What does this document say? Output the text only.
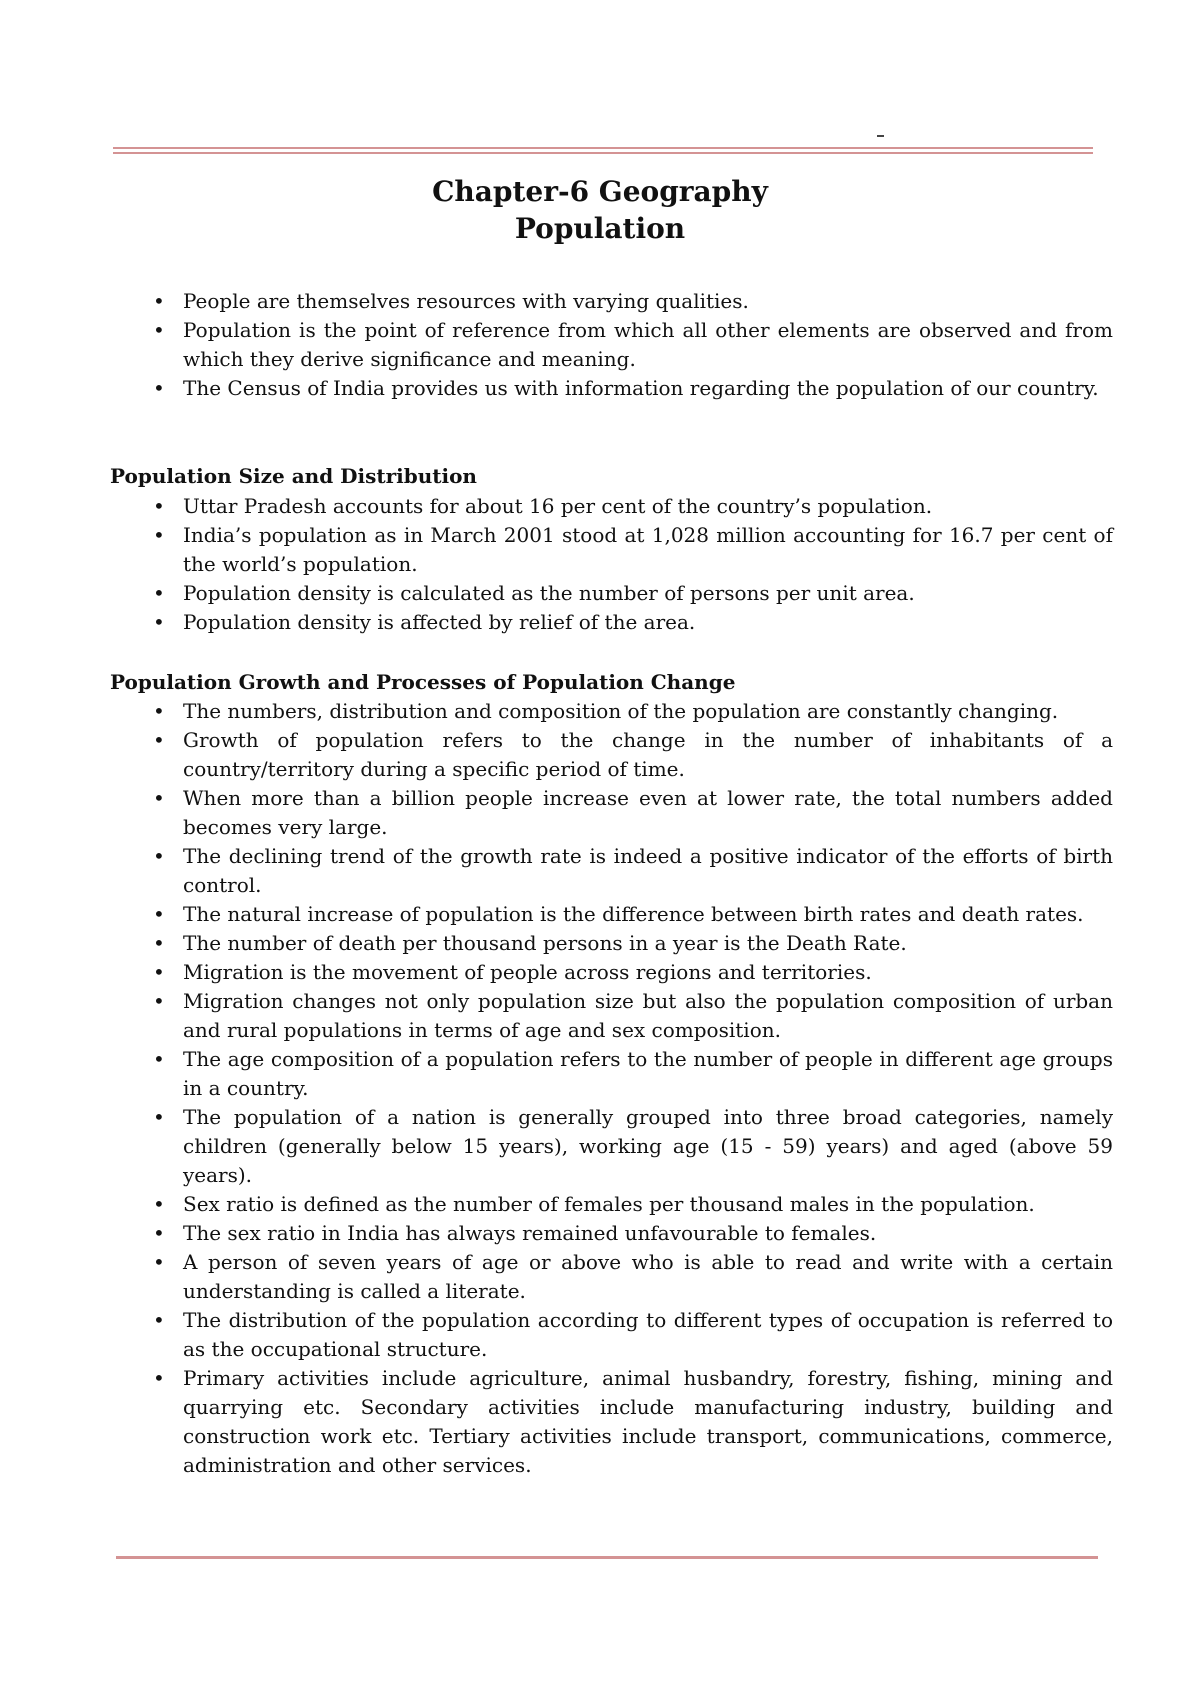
Chapter-6 Geography
Population
• People are themselves resources with varying qualities.
• Population is the point of reference from which all other elements are observed and from which they derive significance and meaning.
• The Census of India provides us with information regarding the population of our country.
Population Size and Distribution
• Uttar Pradesh accounts for about 16 per cent of the country’s population.
• India’s population as in March 2001 stood at 1,028 million accounting for 16.7 per cent of the world’s population.
• Population density is calculated as the number of persons per unit area.
• Population density is affected by relief of the area.
Population Growth and Processes of Population Change
• The numbers, distribution and composition of the population are constantly changing.
• Growth of population refers to the change in the number of inhabitants of a country/territory during a specific period of time.
• When more than a billion people increase even at lower rate, the total numbers added becomes very large.
• The declining trend of the growth rate is indeed a positive indicator of the efforts of birth control.
• The natural increase of population is the difference between birth rates and death rates.
• The number of death per thousand persons in a year is the Death Rate.
• Migration is the movement of people across regions and territories.
• Migration changes not only population size but also the population composition of urban and rural populations in terms of age and sex composition.
• The age composition of a population refers to the number of people in different age groups in a country.
• The population of a nation is generally grouped into three broad categories, namely children (generally below 15 years), working age (15 - 59) years) and aged (above 59 years).
• Sex ratio is defined as the number of females per thousand males in the population.
• The sex ratio in India has always remained unfavourable to females.
• A person of seven years of age or above who is able to read and write with a certain understanding is called a literate.
• The distribution of the population according to different types of occupation is referred to as the occupational structure.
• Primary activities include agriculture, animal husbandry, forestry, fishing, mining and quarrying etc. Secondary activities include manufacturing industry, building and construction work etc. Tertiary activities include transport, communications, commerce, administration and other services.
